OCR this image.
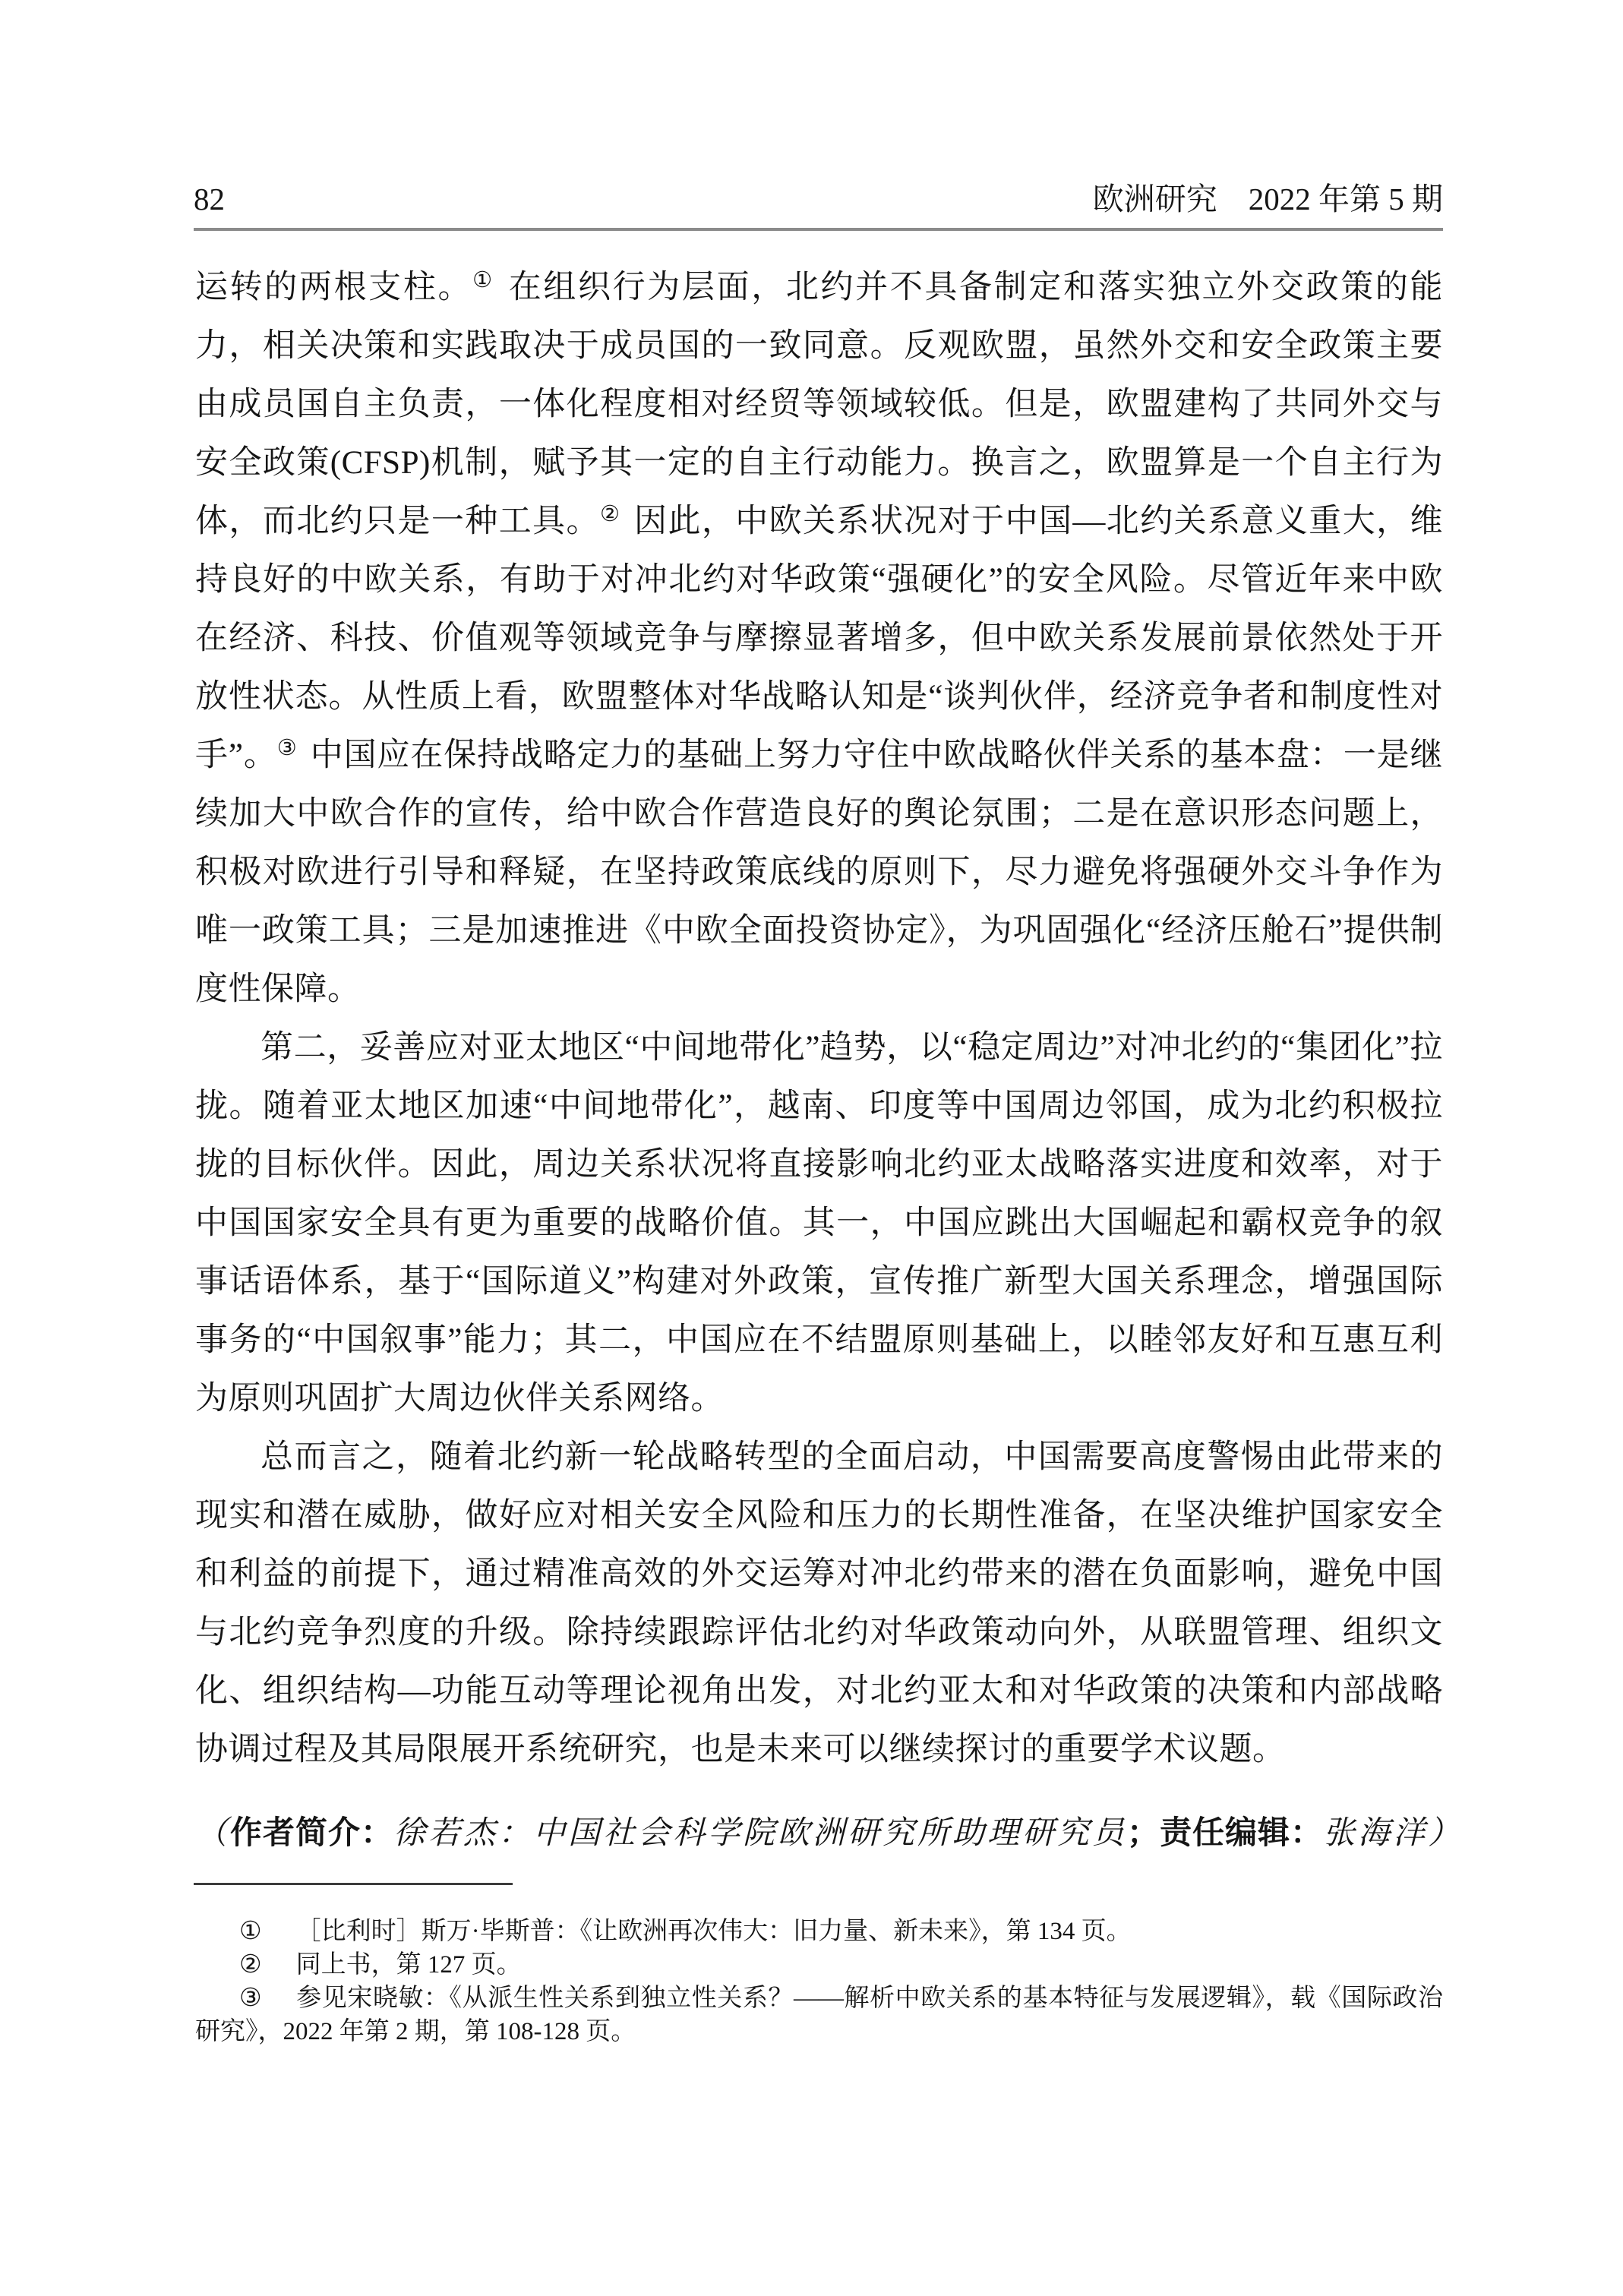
82	欧洲研究　2022 年第 5 期

运转的两根支柱。① 在组织行为层面，北约并不具备制定和落实独立外交政策的能力，相关决策和实践取决于成员国的一致同意。反观欧盟，虽然外交和安全政策主要由成员国自主负责，一体化程度相对经贸等领域较低。但是，欧盟建构了共同外交与安全政策(CFSP)机制，赋予其一定的自主行动能力。换言之，欧盟算是一个自主行为体，而北约只是一种工具。② 因此，中欧关系状况对于中国—北约关系意义重大，维持良好的中欧关系，有助于对冲北约对华政策“强硬化”的安全风险。尽管近年来中欧在经济、科技、价值观等领域竞争与摩擦显著增多，但中欧关系发展前景依然处于开放性状态。从性质上看，欧盟整体对华战略认知是“谈判伙伴，经济竞争者和制度性对手”。③ 中国应在保持战略定力的基础上努力守住中欧战略伙伴关系的基本盘：一是继续加大中欧合作的宣传，给中欧合作营造良好的舆论氛围；二是在意识形态问题上，积极对欧进行引导和释疑，在坚持政策底线的原则下，尽力避免将强硬外交斗争作为唯一政策工具；三是加速推进《中欧全面投资协定》，为巩固强化“经济压舱石”提供制度性保障。

第二，妥善应对亚太地区“中间地带化”趋势，以“稳定周边”对冲北约的“集团化”拉拢。随着亚太地区加速“中间地带化”，越南、印度等中国周边邻国，成为北约积极拉拢的目标伙伴。因此，周边关系状况将直接影响北约亚太战略落实进度和效率，对于中国国家安全具有更为重要的战略价值。其一，中国应跳出大国崛起和霸权竞争的叙事话语体系，基于“国际道义”构建对外政策，宣传推广新型大国关系理念，增强国际事务的“中国叙事”能力；其二，中国应在不结盟原则基础上，以睦邻友好和互惠互利为原则巩固扩大周边伙伴关系网络。

总而言之，随着北约新一轮战略转型的全面启动，中国需要高度警惕由此带来的现实和潜在威胁，做好应对相关安全风险和压力的长期性准备，在坚决维护国家安全和利益的前提下，通过精准高效的外交运筹对冲北约带来的潜在负面影响，避免中国与北约竞争烈度的升级。除持续跟踪评估北约对华政策动向外，从联盟管理、组织文化、组织结构—功能互动等理论视角出发，对北约亚太和对华政策的决策和内部战略协调过程及其局限展开系统研究，也是未来可以继续探讨的重要学术议题。

（作者简介：徐若杰：中国社会科学院欧洲研究所助理研究员；责任编辑：张海洋）

① ［比利时］斯万·毕斯普：《让欧洲再次伟大：旧力量、新未来》，第 134 页。

② 同上书，第 127 页。

③ 参见宋晓敏：《从派生性关系到独立性关系？——解析中欧关系的基本特征与发展逻辑》，载《国际政治研究》，2022 年第 2 期，第 108-128 页。
